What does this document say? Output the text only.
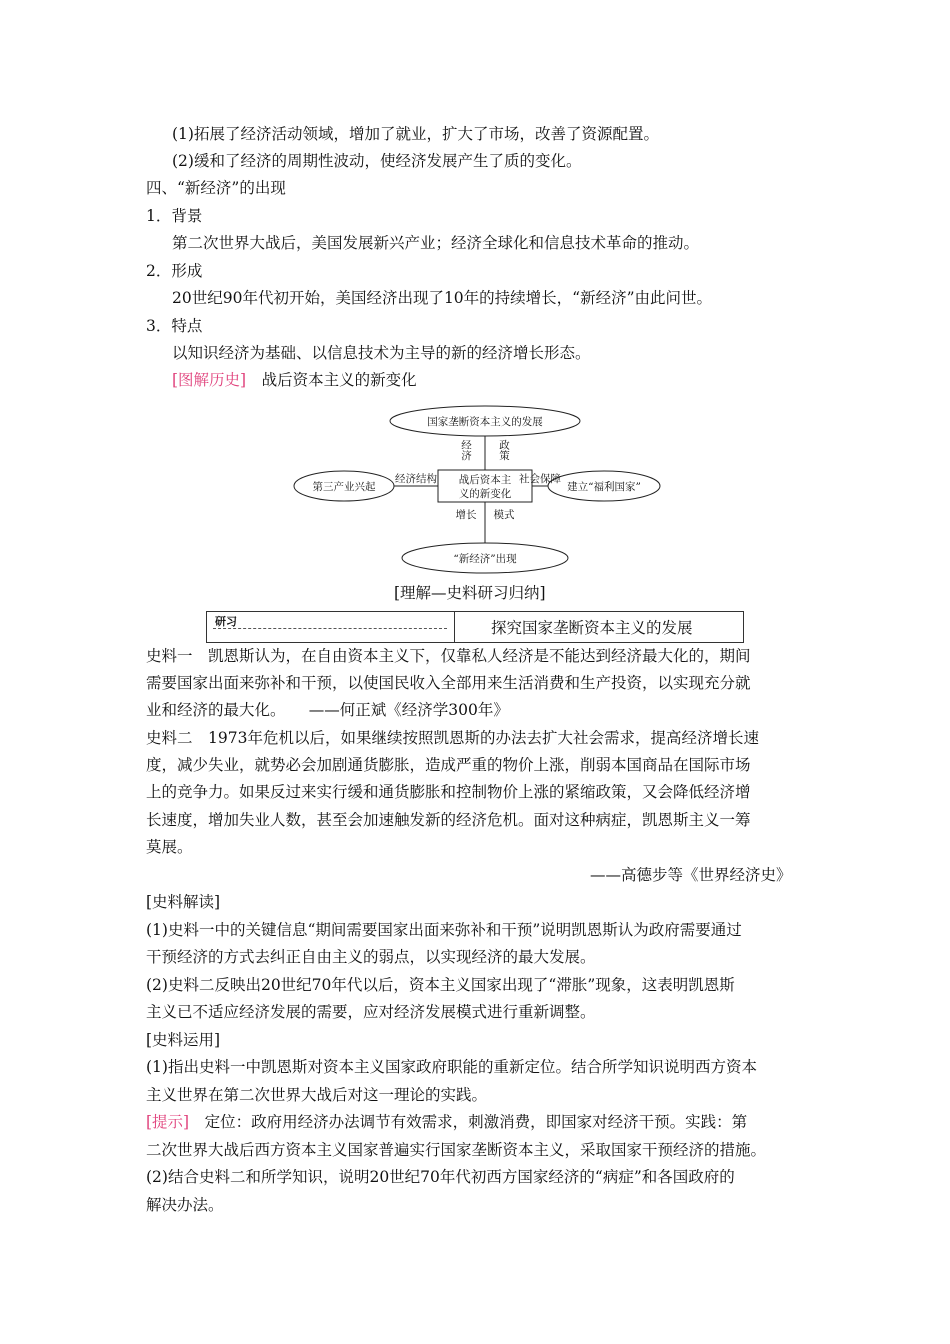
(1)拓展了经济活动领域，增加了就业，扩大了市场，改善了资源配置。
(2)缓和了经济的周期性波动，使经济发展产生了质的变化。
四、“新经济”的出现
1．背景
第二次世界大战后，美国发展新兴产业；经济全球化和信息技术革命的推动。
2．形成
20世纪90年代初开始，美国经济出现了10年的持续增长，“新经济”由此问世。
3．特点
以知识经济为基础、以信息技术为主导的新的经济增长形态。
[图解历史]　 战后资本主义的新变化
国家垄断资本主义的发展
经济 政策
战后资本主
义的新变化
第三产业兴起
经济结构
建立“福利国家”
社会保障
增长 模式
“新经济”出现
[理解—史料研习归纳]
研习	探究国家垄断资本主义的发展
史料一　凯恩斯认为，在自由资本主义下，仅靠私人经济是不能达到经济最大化的，期间
需要国家出面来弥补和干预，以使国民收入全部用来生活消费和生产投资，以实现充分就
业和经济的最大化。　　——何正斌《经济学300年》
史料二　1973年危机以后，如果继续按照凯恩斯的办法去扩大社会需求，提高经济增长速
度，减少失业，就势必会加剧通货膨胀，造成严重的物价上涨，削弱本国商品在国际市场
上的竞争力。如果反过来实行缓和通货膨胀和控制物价上涨的紧缩政策，又会降低经济增
长速度，增加失业人数，甚至会加速触发新的经济危机。面对这种病症，凯恩斯主义一筹
莫展。
——高德步等《世界经济史》
[史料解读]
(1)史料一中的关键信息“期间需要国家出面来弥补和干预”说明凯恩斯认为政府需要通过
干预经济的方式去纠正自由主义的弱点，以实现经济的最大发展。
(2)史料二反映出20世纪70年代以后，资本主义国家出现了“滞胀”现象，这表明凯恩斯
主义已不适应经济发展的需要，应对经济发展模式进行重新调整。
[史料运用]
(1)指出史料一中凯恩斯对资本主义国家政府职能的重新定位。结合所学知识说明西方资本
主义世界在第二次世界大战后对这一理论的实践。
[提示]　 定位：政府用经济办法调节有效需求，刺激消费，即国家对经济干预。实践：第
二次世界大战后西方资本主义国家普遍实行国家垄断资本主义，采取国家干预经济的措施。
(2)结合史料二和所学知识，说明20世纪70年代初西方国家经济的“病症”和各国政府的
解决办法。
